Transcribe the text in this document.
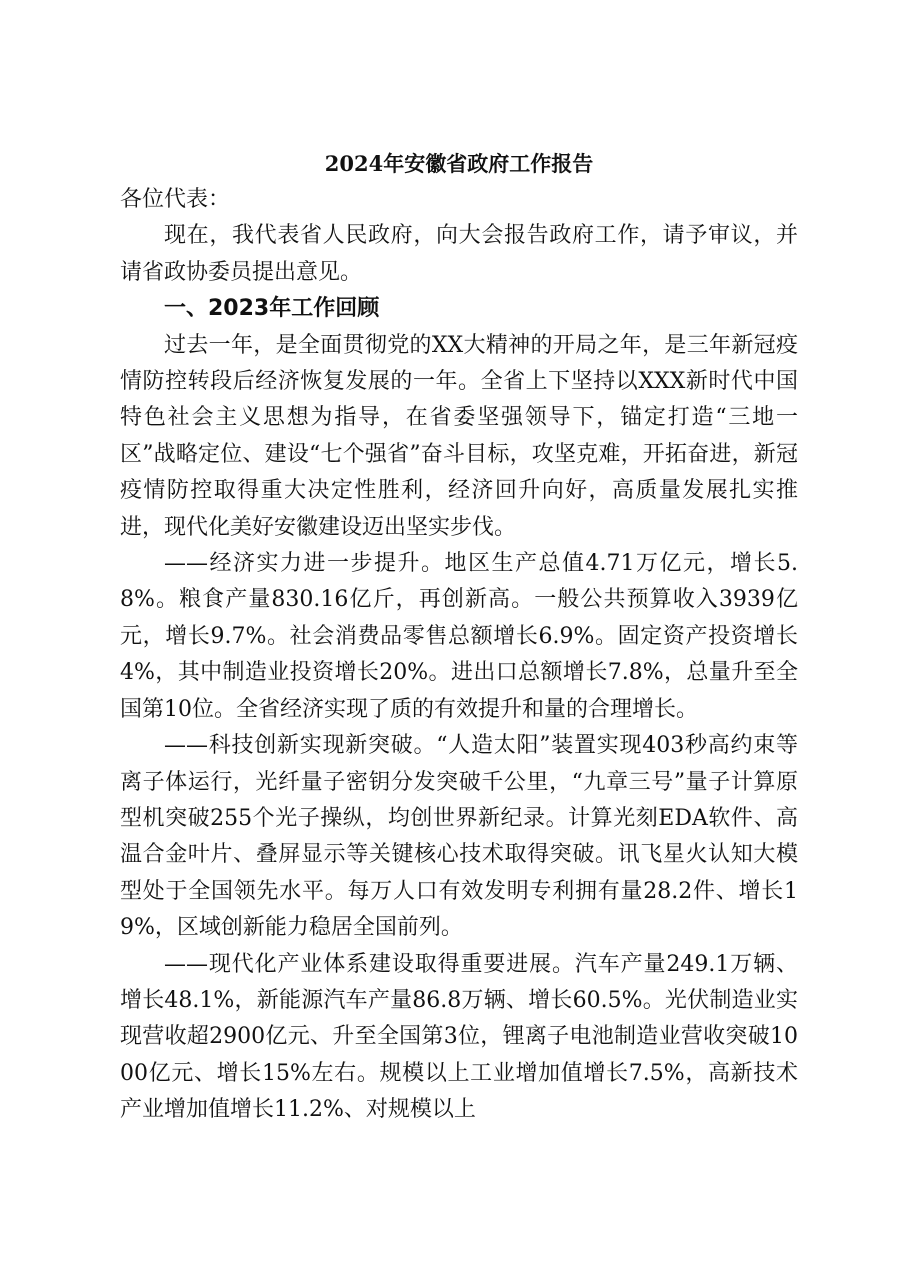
2024年安徽省政府工作报告

各位代表：

现在，我代表省人民政府，向大会报告政府工作，请予审议，并请省政协委员提出意见。

一、2023年工作回顾

过去一年，是全面贯彻党的XX大精神的开局之年，是三年新冠疫情防控转段后经济恢复发展的一年。全省上下坚持以XXX新时代中国特色社会主义思想为指导，在省委坚强领导下，锚定打造“三地一区”战略定位、建设“七个强省”奋斗目标，攻坚克难，开拓奋进，新冠疫情防控取得重大决定性胜利，经济回升向好，高质量发展扎实推进，现代化美好安徽建设迈出坚实步伐。

——经济实力进一步提升。地区生产总值4.71万亿元，增长5.8%。粮食产量830.16亿斤，再创新高。一般公共预算收入3939亿元，增长9.7%。社会消费品零售总额增长6.9%。固定资产投资增长4%，其中制造业投资增长20%。进出口总额增长7.8%，总量升至全国第10位。全省经济实现了质的有效提升和量的合理增长。

——科技创新实现新突破。“人造太阳”装置实现403秒高约束等离子体运行，光纤量子密钥分发突破千公里，“九章三号”量子计算原型机突破255个光子操纵，均创世界新纪录。计算光刻EDA软件、高温合金叶片、叠屏显示等关键核心技术取得突破。讯飞星火认知大模型处于全国领先水平。每万人口有效发明专利拥有量28.2件、增长19%，区域创新能力稳居全国前列。

——现代化产业体系建设取得重要进展。汽车产量249.1万辆、增长48.1%，新能源汽车产量86.8万辆、增长60.5%。光伏制造业实现营收超2900亿元、升至全国第3位，锂离子电池制造业营收突破1000亿元、增长15%左右。规模以上工业增加值增长7.5%，高新技术产业增加值增长11.2%、对规模以上
